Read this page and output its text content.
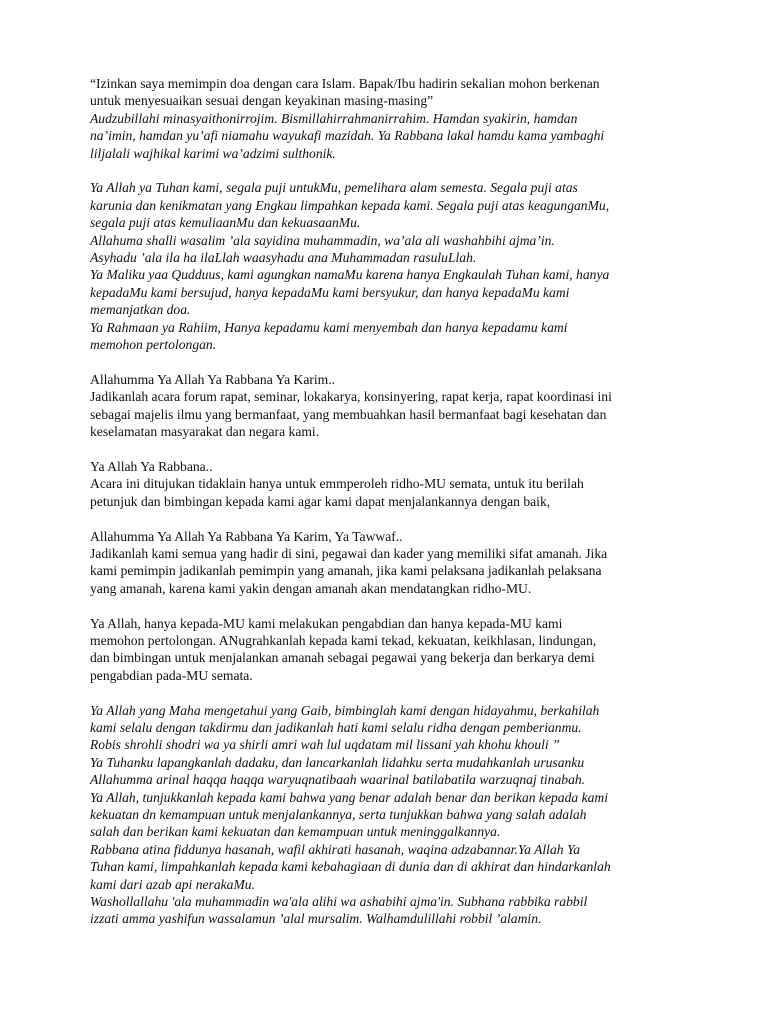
“Izinkan saya memimpin doa dengan cara Islam. Bapak/Ibu hadirin sekalian mohon berkenan
untuk menyesuaikan sesuai dengan keyakinan masing-masing”
Audzubillahi minasyaithonirrojim. Bismillahirrahmanirrahim. Hamdan syakirin, hamdan
na’imin, hamdan yu’afi niamahu wayukafi mazidah. Ya Rabbana lakal hamdu kama yambaghi
liljalali wajhikal karimi wa’adzimi sulthonik.
Ya Allah ya Tuhan kami, segala puji untukMu, pemelihara alam semesta. Segala puji atas
karunia dan kenikmatan yang Engkau limpahkan kepada kami. Segala puji atas keagunganMu,
segala puji atas kemuliaanMu dan kekuasaanMu.
Allahuma shalli wasalim ’ala sayidina muhammadin, wa’ala ali washahbihi ajma’in.
Asyhadu ’ala ila ha ilaLlah waasyhadu ana Muhammadan rasuluLlah.
Ya Maliku yaa Qudduus, kami agungkan namaMu karena hanya Engkaulah Tuhan kami, hanya
kepadaMu kami bersujud, hanya kepadaMu kami bersyukur, dan hanya kepadaMu kami
memanjatkan doa.
Ya Rahmaan ya Rahiim, Hanya kepadamu kami menyembah dan hanya kepadamu kami
memohon pertolongan.
Allahumma Ya Allah Ya Rabbana Ya Karim..
Jadikanlah acara forum rapat, seminar, lokakarya, konsinyering, rapat kerja, rapat koordinasi ini
sebagai majelis ilmu yang bermanfaat, yang membuahkan hasil bermanfaat bagi kesehatan dan
keselamatan masyarakat dan negara kami.
Ya Allah Ya Rabbana..
Acara ini ditujukan tidaklain hanya untuk emmperoleh ridho-MU semata, untuk itu berilah
petunjuk dan bimbingan kepada kami agar kami dapat menjalankannya dengan baik,
Allahumma Ya Allah Ya Rabbana Ya Karim, Ya Tawwaf..
Jadikanlah kami semua yang hadir di sini, pegawai dan kader yang memiliki sifat amanah. Jika
kami pemimpin jadikanlah pemimpin yang amanah, jika kami pelaksana jadikanlah pelaksana
yang amanah, karena kami yakin dengan amanah akan mendatangkan ridho-MU.
Ya Allah, hanya kepada-MU kami melakukan pengabdian dan hanya kepada-MU kami
memohon pertolongan. ANugrahkanlah kepada kami tekad, kekuatan, keikhlasan, lindungan,
dan bimbingan untuk menjalankan amanah sebagai pegawai yang bekerja dan berkarya demi
pengabdian pada-MU semata.
Ya Allah yang Maha mengetahui yang Gaib, bimbinglah kami dengan hidayahmu, berkahilah
kami selalu dengan takdirmu dan jadikanlah hati kami selalu ridha dengan pemberianmu.
Robis shrohli shodri wa ya shirli amri wah lul uqdatam mil lissani yah khohu khouli ”
Ya Tuhanku lapangkanlah dadaku, dan lancarkanlah lidahku serta mudahkanlah urusanku
Allahumma arinal haqqa haqqa waryuqnatibaah waarinal batilabatila warzuqnaj tinabah.
Ya Allah, tunjukkanlah kepada kami bahwa yang benar adalah benar dan berikan kepada kami
kekuatan dn kemampuan untuk menjalankannya, serta tunjukkan bahwa yang salah adalah
salah dan berikan kami kekuatan dan kemampuan untuk meninggalkannya.
Rabbana atina fiddunya hasanah, wafil akhirati hasanah, waqina adzabannar.Ya Allah Ya
Tuhan kami, limpahkanlah kepada kami kebahagiaan di dunia dan di akhirat dan hindarkanlah
kami dari azab api nerakaMu.
Washollallahu 'ala muhammadin wa'ala alihi wa ashabihi ajma'in. Subhana rabbika rabbil
izzati amma yashifun wassalamun ’alal mursalim. Walhamdulillahi robbil ’alamin.
